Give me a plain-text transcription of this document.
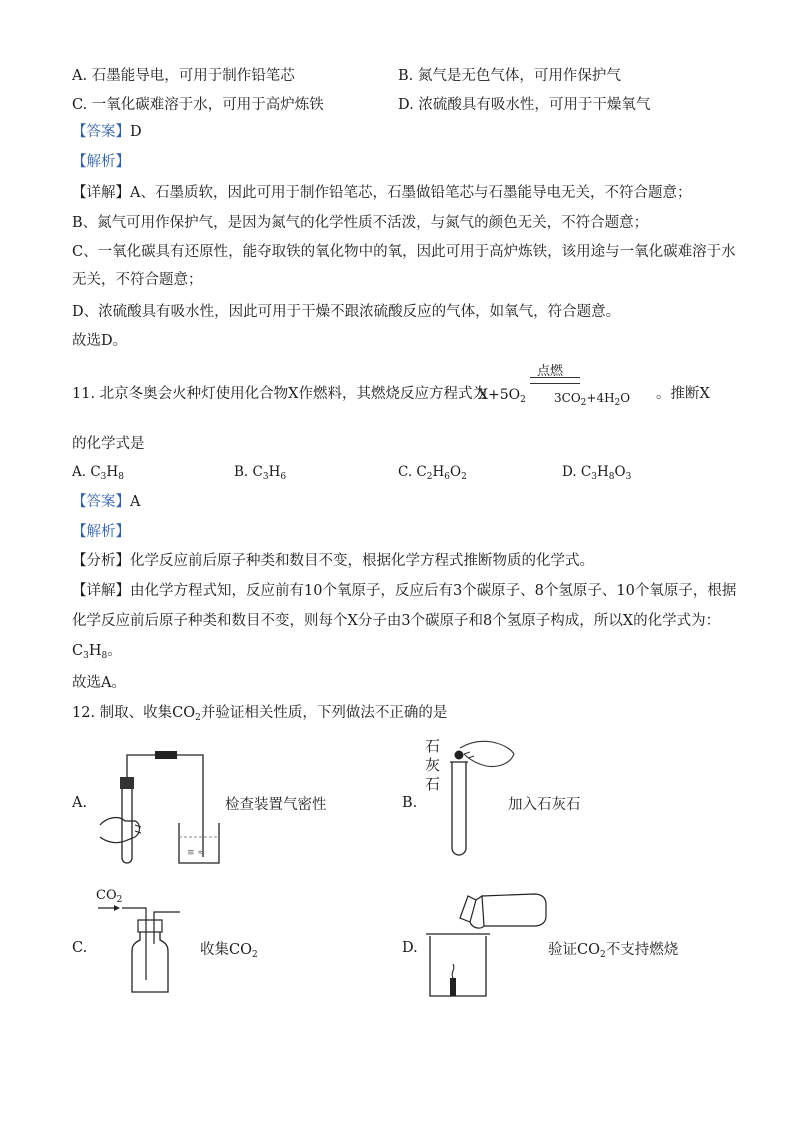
A. 石墨能导电，可用于制作铅笔芯	B. 氮气是无色气体，可用作保护气
C. 一氧化碳难溶于水，可用于高炉炼铁	D. 浓硫酸具有吸水性，可用于干燥氧气
【答案】D
【解析】
【详解】A、石墨质软，因此可用于制作铅笔芯，石墨做铅笔芯与石墨能导电无关，不符合题意；
B、氮气可用作保护气，是因为氮气的化学性质不活泼，与氮气的颜色无关，不符合题意；
C、一氧化碳具有还原性，能夺取铁的氧化物中的氧，因此可用于高炉炼铁，该用途与一氧化碳难溶于水
无关，不符合题意；
D、浓硫酸具有吸水性，因此可用于干燥不跟浓硫酸反应的气体，如氧气，符合题意。
故选D。
11. 北京冬奥会火种灯使用化合物X作燃料，其燃烧反应方程式为
$X+5O_2$
点燃
$3CO_2+4H_2O$ 。推断X
的化学式是
A. $C_3H_8$	B. $C_3H_6$	C. $C_2H_6O_2$	D. $C_3H_8O_3$
【答案】A
【解析】
【分析】化学反应前后原子种类和数目不变，根据化学方程式推断物质的化学式。
【详解】由化学方程式知，反应前有10个氧原子，反应后有3个碳原子、8个氢原子、10个氧原子，根据
化学反应前后原子种类和数目不变，则每个X分子由3个碳原子和8个氢原子构成，所以X的化学式为：
$C_3H_8$。
故选A。
12. 制取、收集$CO_2$并验证相关性质，下列做法不正确的是
A.
≡ ≈
检查装置气密性	B.
石
灰
石
加入石灰石
C.
$CO_2$
收集$CO_2$	D.	验证$CO_2$不支持燃烧
